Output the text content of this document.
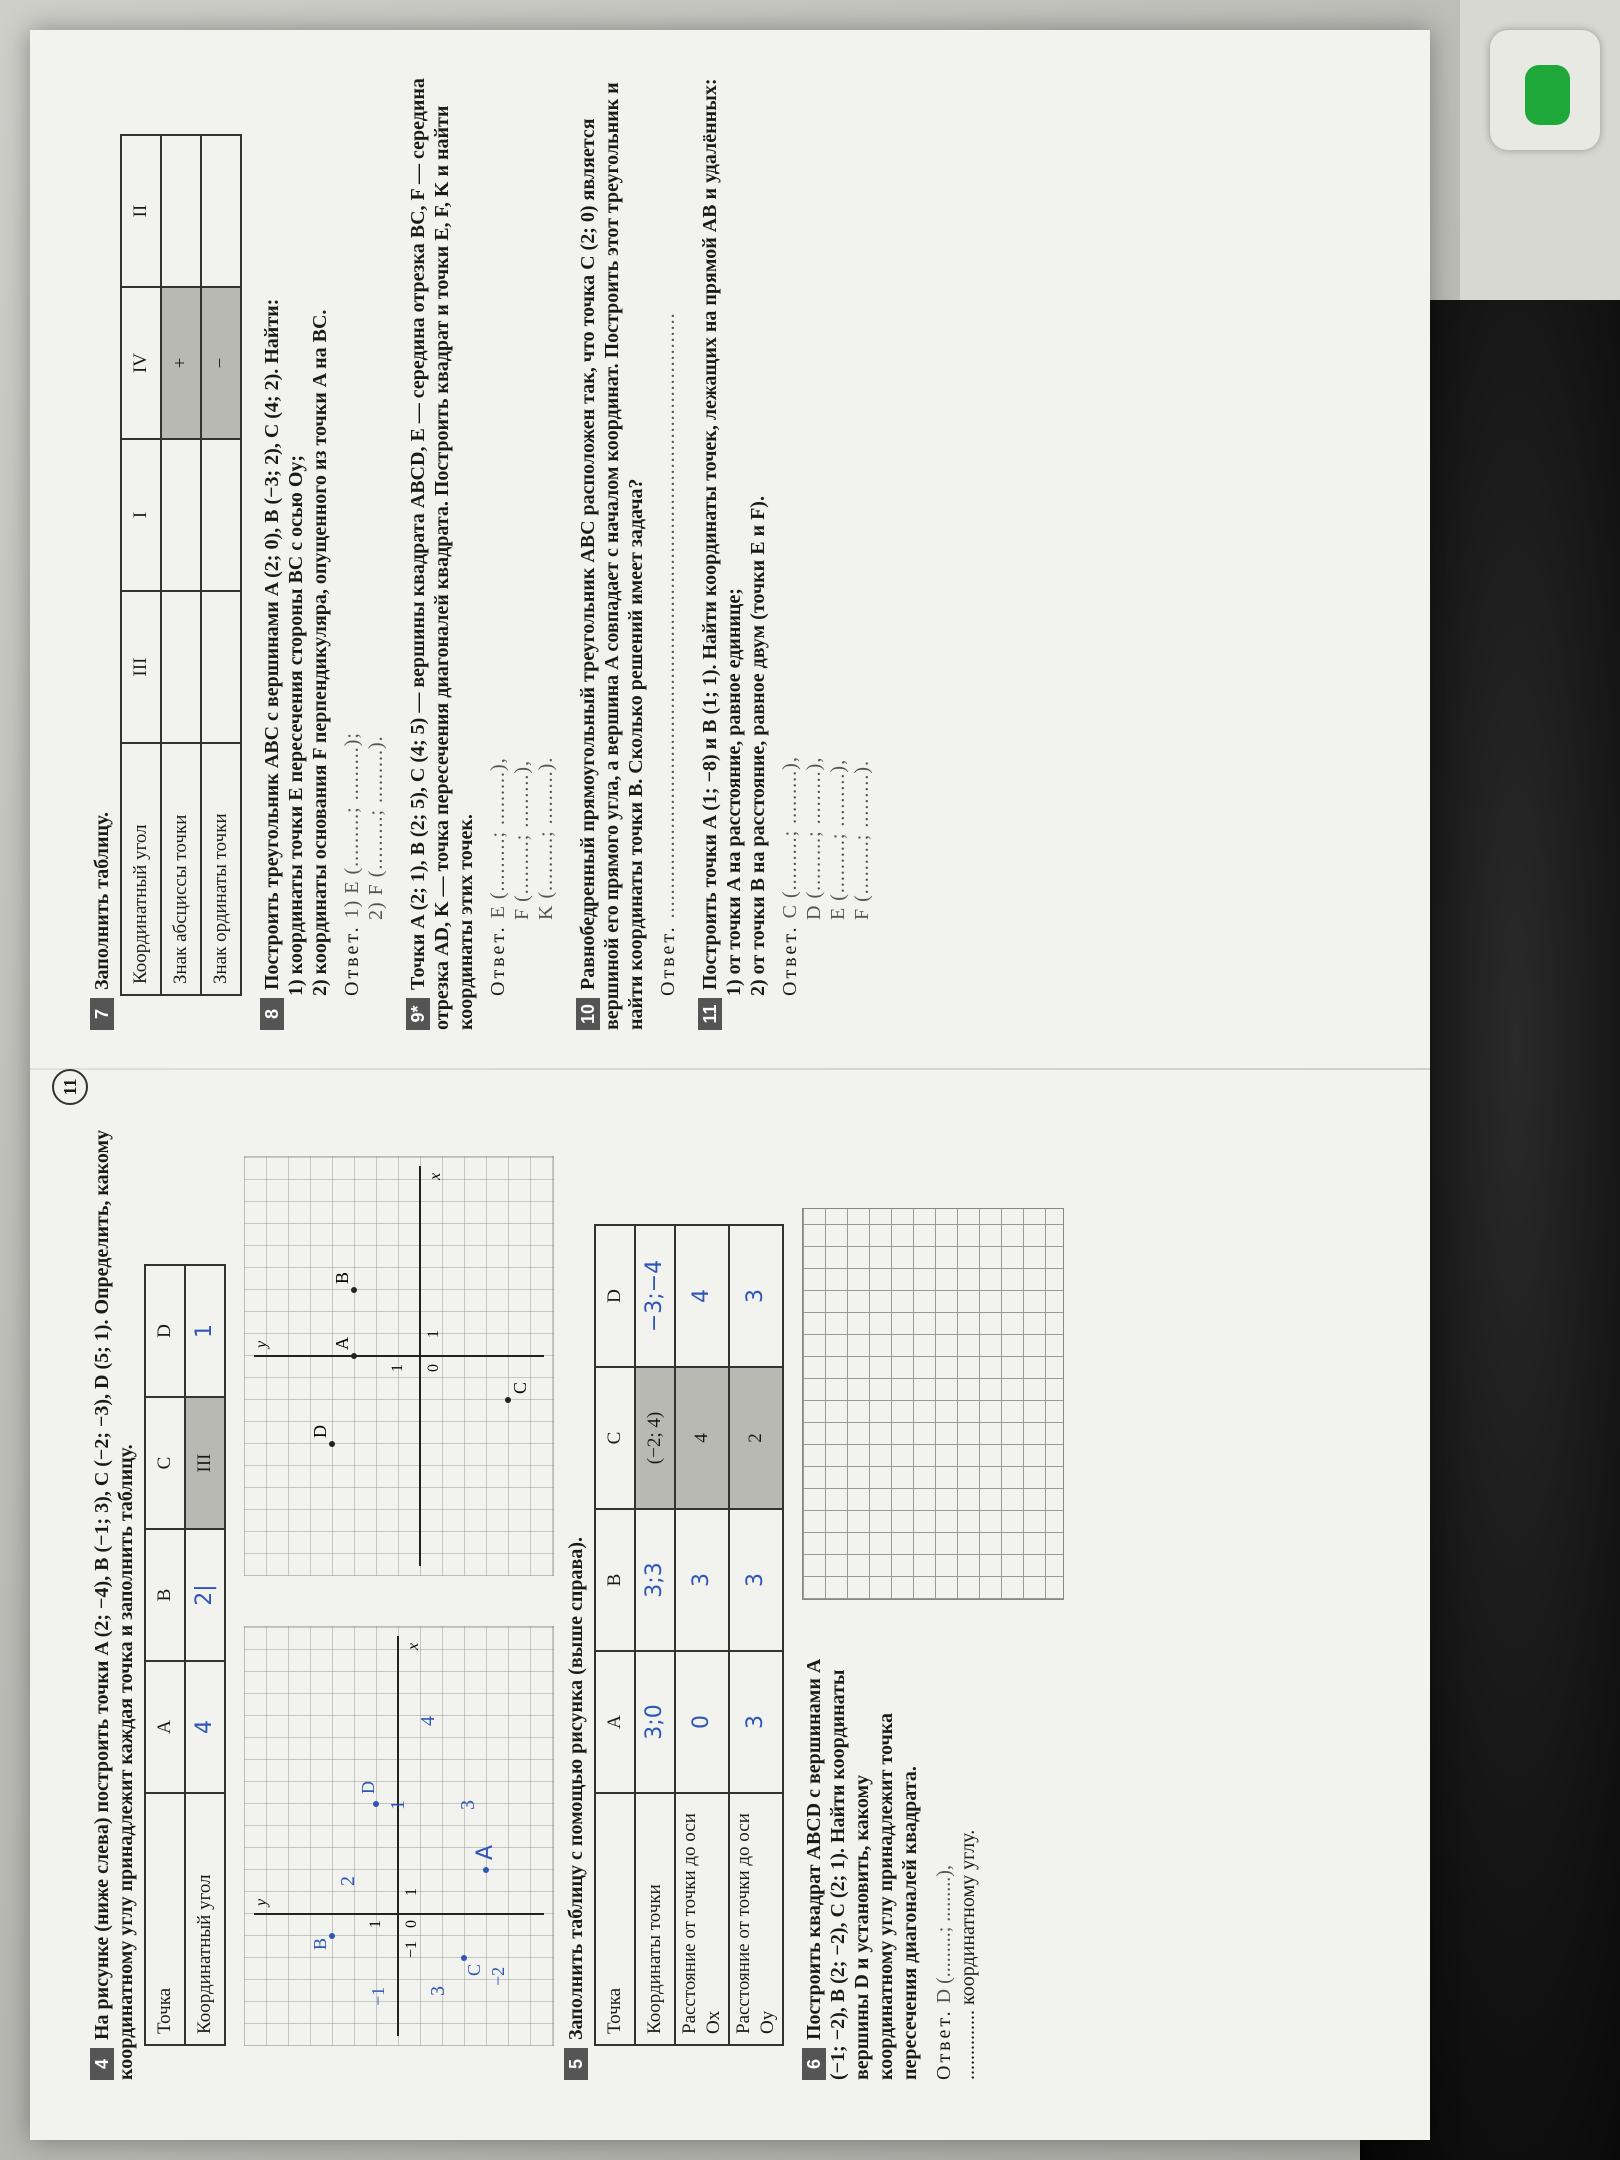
11
4На рисунке (ниже слева) построить точки A (2; −4), B (−1; 3), C (−2; −3), D (5; 1). Определить, какому координатному углу принадлежит каждая точка и заполнить таблицу. Точка	A	B	C	D
Координатный угол	4	2|	III	1
x
y
0
1
1
−1
A
B
C
D
2
3
−1
−2
3
4
1
x
y
0
1
1
A
B
C
D
5Заполнить таблицу с помощью рисунка (выше справа). Точка	A	B	C	D
Координаты точки	3;0	3;3	(−2; 4)	−3;−4
Расстояние от точки до оси Ox	0	3	4	4
Расстояние от точки до оси Oy	3	3	2	3
6Построить квадрат ABCD с вершинами A (−1; −2), B (2; −2), C (2; 1). Найти координаты вершины D и установить, какому координатному углу принадлежит точка пересечения диагоналей квадрата. Ответ. D (.........; .........), .............. координатному углу.
7Заполнить таблицу. Координатный угол	III	I	IV	II
Знак абсциссы точки			+	
Знак ординаты точки			−	
8Построить треугольник ABC с вершинами A (2; 0), B (−3; 2), C (4; 2). Найти: 1) координаты точки E пересечения стороны BC с осью Oy; 2) координаты основания F перпендикуляра, опущенного из точки A на BC. Ответ. 1) E (.........; .........); 2) F (.........; .........).
9*Точки A (2; 1), B (2; 5), C (4; 5) — вершины квадрата ABCD, E — середина отрезка BC, F — середина отрезка AD, K — точка пересечения диагоналей квадрата. Построить квадрат и точки E, F, K и найти координаты этих точек. Ответ. E (.........; .........), F (.........; .........), K (.........; .........).
10Равнобедренный прямоугольный треугольник ABC расположен так, что точка C (2; 0) является вершиной его прямого угла, а вершина A совпадает с началом координат. Построить этот треугольник и найти координаты точки B. Сколько решений имеет задача? Ответ. .....................................................................................................
11Построить точки A (1; −8) и B (1; 1). Найти координаты точек, лежащих на прямой AB и удалённых: 1) от точки A на расстояние, равное единице; 2) от точки B на расстояние, равное двум (точки E и F). Ответ. C (.........; .........), D (.........; .........), E (.........; .........), F (.........; .........).
